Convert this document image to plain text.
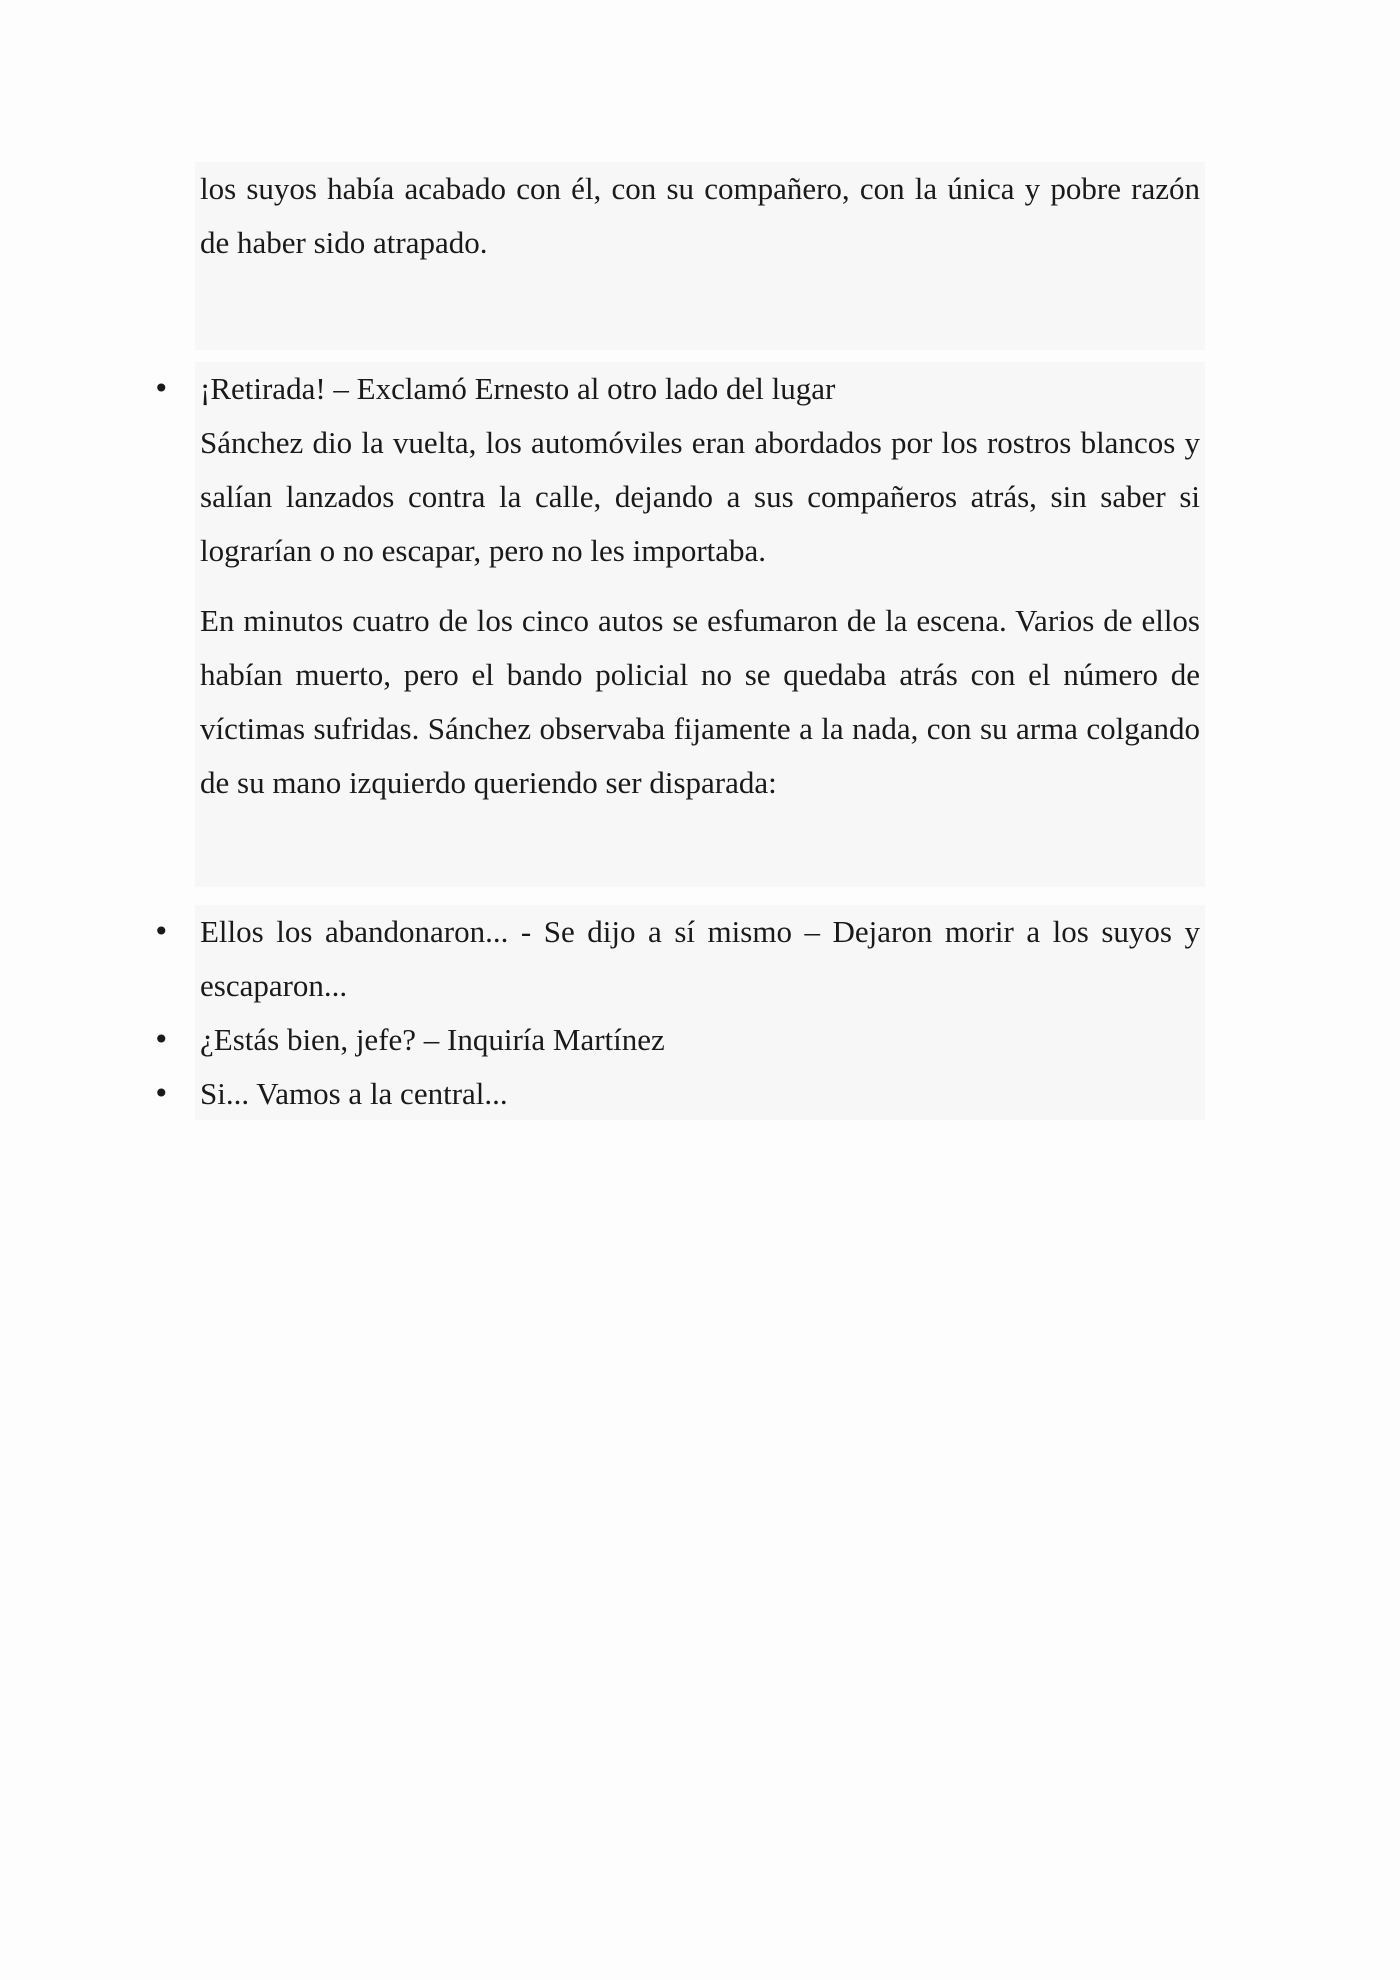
los suyos había acabado con él, con su compañero, con la única y pobre razón de haber sido atrapado.

• ¡Retirada! – Exclamó Ernesto al otro lado del lugar

Sánchez dio la vuelta, los automóviles eran abordados por los rostros blancos y salían lanzados contra la calle, dejando a sus compañeros atrás, sin saber si lograrían o no escapar, pero no les importaba.

En minutos cuatro de los cinco autos se esfumaron de la escena. Varios de ellos habían muerto, pero el bando policial no se quedaba atrás con el número de víctimas sufridas. Sánchez observaba fijamente a la nada, con su arma colgando de su mano izquierdo queriendo ser disparada:

• Ellos los abandonaron... - Se dijo a sí mismo – Dejaron morir a los suyos y escaparon...

• ¿Estás bien, jefe? – Inquiría Martínez

• Si... Vamos a la central...
